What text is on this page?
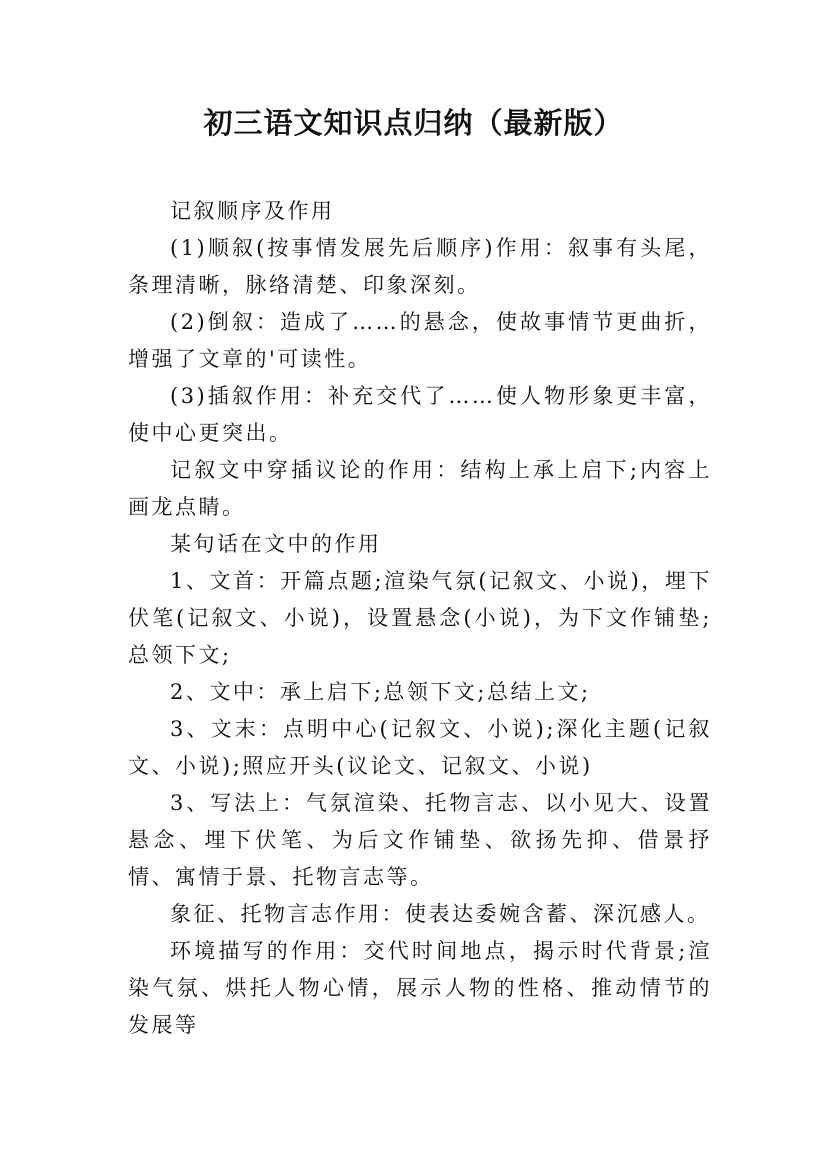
初三语文知识点归纳（最新版）

记叙顺序及作用

(1)顺叙(按事情发展先后顺序)作用：叙事有头尾，条理清晰，脉络清楚、印象深刻。

(2)倒叙：造成了……的悬念，使故事情节更曲折，增强了文章的'可读性。

(3)插叙作用：补充交代了……使人物形象更丰富，使中心更突出。

记叙文中穿插议论的作用：结构上承上启下;内容上画龙点睛。

某句话在文中的作用

1、文首：开篇点题;渲染气氛(记叙文、小说)，埋下伏笔(记叙文、小说)，设置悬念(小说)，为下文作铺垫;总领下文;

2、文中：承上启下;总领下文;总结上文;

3、文末：点明中心(记叙文、小说);深化主题(记叙文、小说);照应开头(议论文、记叙文、小说)

3、写法上：气氛渲染、托物言志、以小见大、设置悬念、埋下伏笔、为后文作铺垫、欲扬先抑、借景抒情、寓情于景、托物言志等。

象征、托物言志作用：使表达委婉含蓄、深沉感人。

环境描写的作用：交代时间地点，揭示时代背景;渲染气氛、烘托人物心情，展示人物的性格、推动情节的发展等
